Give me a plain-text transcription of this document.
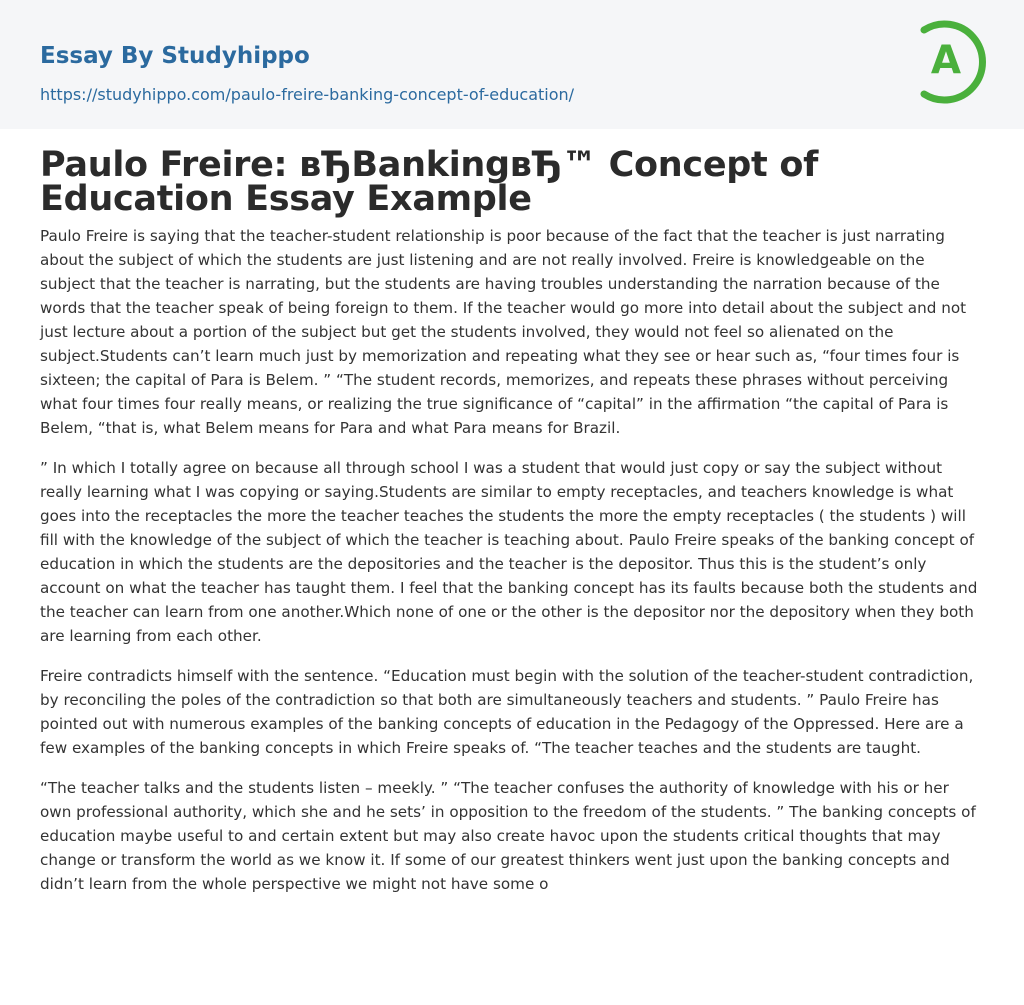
Essay By Studyhippo
https://studyhippo.com/paulo-freire-banking-concept-of-education/
A
Paulo Freire: вЂBankingвЂ™ Concept of Education Essay Example

Paulo Freire is saying that the teacher-student relationship is poor because of the fact that the teacher is just narrating about the subject of which the students are just listening and are not really involved. Freire is knowledgeable on the subject that the teacher is narrating, but the students are having troubles understanding the narration because of the words that the teacher speak of being foreign to them. If the teacher would go more into detail about the subject and not just lecture about a portion of the subject but get the students involved, they would not feel so alienated on the subject.Students can’t learn much just by memorization and repeating what they see or hear such as, “four times four is sixteen; the capital of Para is Belem. ” “The student records, memorizes, and repeats these phrases without perceiving what four times four really means, or realizing the true significance of “capital” in the affirmation “the capital of Para is Belem, “that is, what Belem means for Para and what Para means for Brazil.

” In which I totally agree on because all through school I was a student that would just copy or say the subject without really learning what I was copying or saying.Students are similar to empty receptacles, and teachers knowledge is what goes into the receptacles the more the teacher teaches the students the more the empty receptacles ( the students ) will fill with the knowledge of the subject of which the teacher is teaching about. Paulo Freire speaks of the banking concept of education in which the students are the depositories and the teacher is the depositor. Thus this is the student’s only account on what the teacher has taught them. I feel that the banking concept has its faults because both the students and the teacher can learn from one another.Which none of one or the other is the depositor nor the depository when they both are learning from each other.

Freire contradicts himself with the sentence. “Education must begin with the solution of the teacher-student contradiction, by reconciling the poles of the contradiction so that both are simultaneously teachers and students. ” Paulo Freire has pointed out with numerous examples of the banking concepts of education in the Pedagogy of the Oppressed. Here are a few examples of the banking concepts in which Freire speaks of. “The teacher teaches and the students are taught.

“The teacher talks and the students listen – meekly. ” “The teacher confuses the authority of knowledge with his or her own professional authority, which she and he sets’ in opposition to the freedom of the students. ” The banking concepts of education maybe useful to and certain extent but may also create havoc upon the students critical thoughts that may change or transform the world as we know it. If some of our greatest thinkers went just upon the banking concepts and didn’t learn from the whole perspective we might not have some o
